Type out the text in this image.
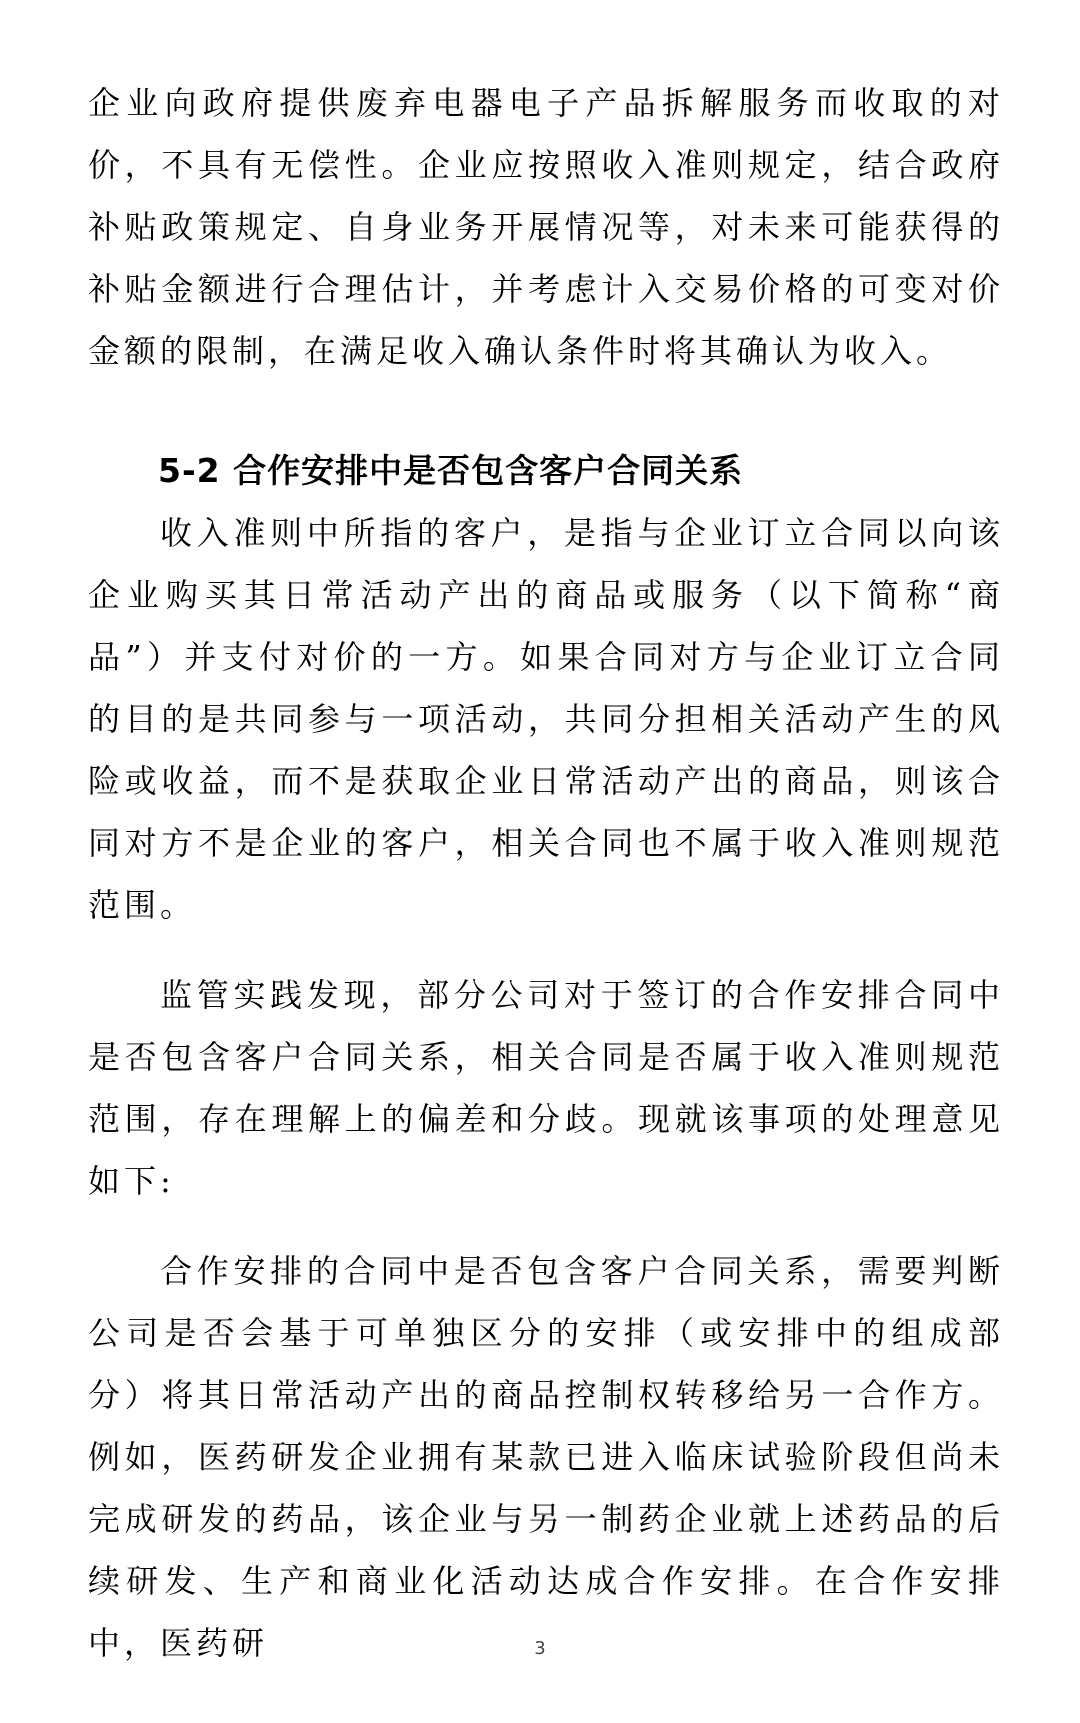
企业向政府提供废弃电器电子产品拆解服务而收取的对价，不具有无偿性。企业应按照收入准则规定，结合政府补贴政策规定、自身业务开展情况等，对未来可能获得的补贴金额进行合理估计，并考虑计入交易价格的可变对价金额的限制，在满足收入确认条件时将其确认为收入。

5-2 合作安排中是否包含客户合同关系

收入准则中所指的客户，是指与企业订立合同以向该企业购买其日常活动产出的商品或服务（以下简称“商品”）并支付对价的一方。如果合同对方与企业订立合同的目的是共同参与一项活动，共同分担相关活动产生的风险或收益，而不是获取企业日常活动产出的商品，则该合同对方不是企业的客户，相关合同也不属于收入准则规范范围。

监管实践发现，部分公司对于签订的合作安排合同中是否包含客户合同关系，相关合同是否属于收入准则规范范围，存在理解上的偏差和分歧。现就该事项的处理意见如下:

合作安排的合同中是否包含客户合同关系，需要判断公司是否会基于可单独区分的安排（或安排中的组成部分）将其日常活动产出的商品控制权转移给另一合作方。例如，医药研发企业拥有某款已进入临床试验阶段但尚未完成研发的药品，该企业与另一制药企业就上述药品的后续研发、生产和商业化活动达成合作安排。在合作安排中，医药研	3
